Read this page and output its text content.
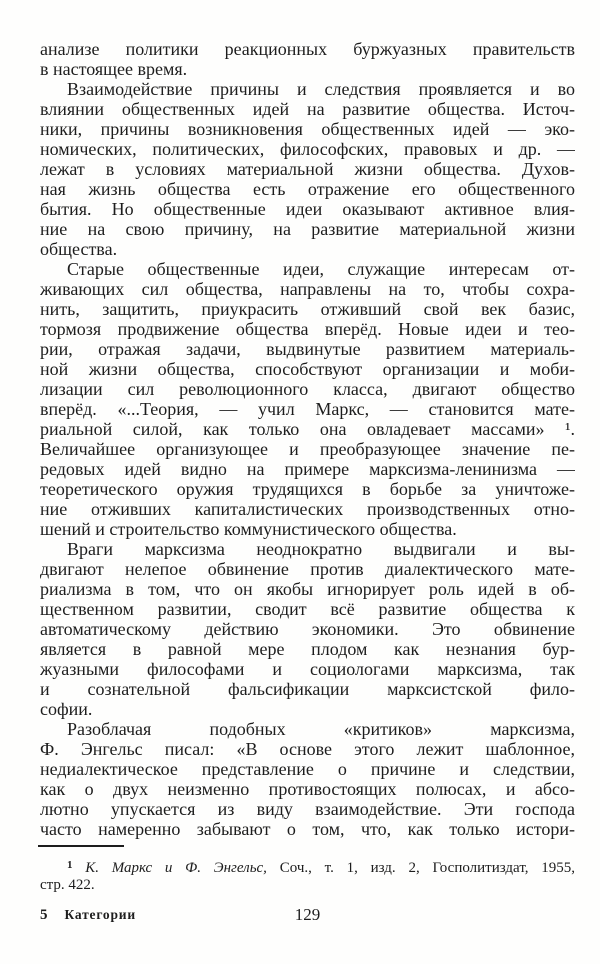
анализе политики реакционных буржуазных правительств
в настоящее время.
Взаимодействие причины и следствия проявляется и во
влиянии общественных идей на развитие общества. Источ-
ники, причины возникновения общественных идей — эко-
номических, политических, философских, правовых и др. —
лежат в условиях материальной жизни общества. Духов-
ная жизнь общества есть отражение его общественного
бытия. Но общественные идеи оказывают активное влия-
ние на свою причину, на развитие материальной жизни
общества.
Старые общественные идеи, служащие интересам от-
живающих сил общества, направлены на то, чтобы сохра-
нить, защитить, приукрасить отживший свой век базис,
тормозя продвижение общества вперёд. Новые идеи и тео-
рии, отражая задачи, выдвинутые развитием материаль-
ной жизни общества, способствуют организации и моби-
лизации сил революционного класса, двигают общество
вперёд. «...Теория, — учил Маркс, — становится мате-
риальной силой, как только она овладевает массами» ¹.
Величайшее организующее и преобразующее значение пе-
редовых идей видно на примере марксизма-ленинизма —
теоретического оружия трудящихся в борьбе за уничтоже-
ние отживших капиталистических производственных отно-
шений и строительство коммунистического общества.
Враги марксизма неоднократно выдвигали и вы-
двигают нелепое обвинение против диалектического мате-
риализма в том, что он якобы игнорирует роль идей в об-
щественном развитии, сводит всё развитие общества к
автоматическому действию экономики. Это обвинение
является в равной мере плодом как незнания бур-
жуазными философами и социологами марксизма, так
и сознательной фальсификации марксистской фило-
софии.
Разоблачая подобных «критиков» марксизма,
Ф. Энгельс писал: «В основе этого лежит шаблонное,
недиалектическое представление о причине и следствии,
как о двух неизменно противостоящих полюсах, и абсо-
лютно упускается из виду взаимодействие. Эти господа
часто намеренно забывают о том, что, как только истори-
$^1$ К. Маркс и Ф. Энгельс, Соч., т. 1, изд. 2, Госполитиздат, 1955,
стр. 422.
5 Категории	129
